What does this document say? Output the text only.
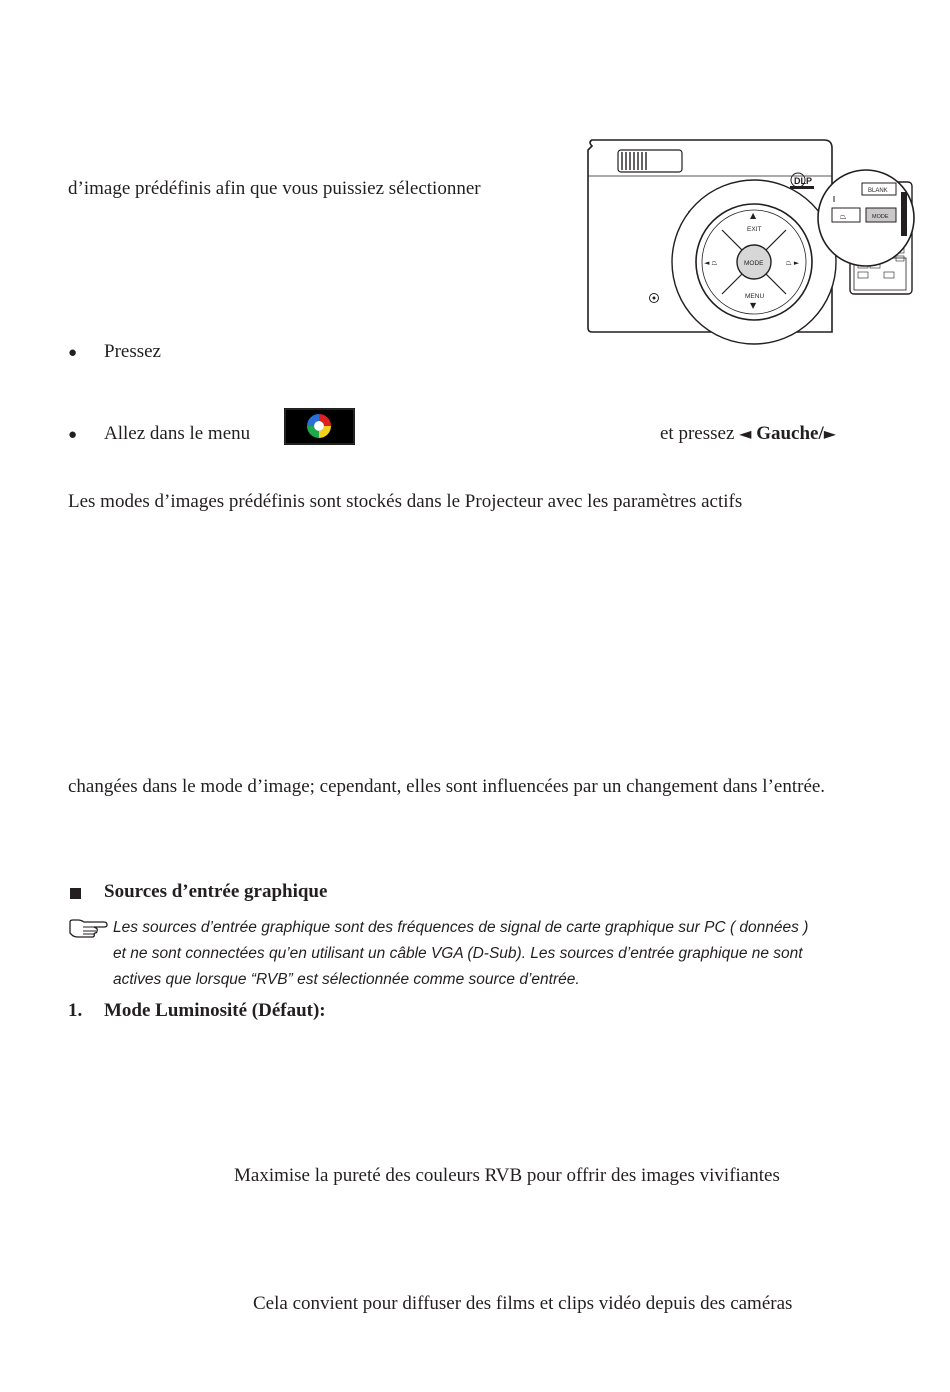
d’image prédéfinis afin que vous puissiez sélectionner	DLP
MODE
▲
EXIT
MENU
▼
◄ ⏢	⏢ ►
BLANK
⏢	MODE
● Pressez
● Allez dans le menu	et pressez ◄ Gauche/►
Les modes d’images prédéfinis sont stockés dans le Projecteur avec les paramètres actifs
changées dans le mode d’image; cependant, elles sont influencées par un changement dans l’entrée.
Sources d’entrée graphique
Les sources d’entrée graphique sont des fréquences de signal de carte graphique sur PC ( données )
et ne sont connectées qu’en utilisant un câble VGA (D-Sub). Les sources d’entrée graphique ne sont
actives que lorsque “RVB” est sélectionnée comme source d’entrée.
1. Mode Luminosité (Défaut):
Maximise la pureté des couleurs RVB pour offrir des images vivifiantes
Cela convient pour diffuser des films et clips vidéo depuis des caméras
